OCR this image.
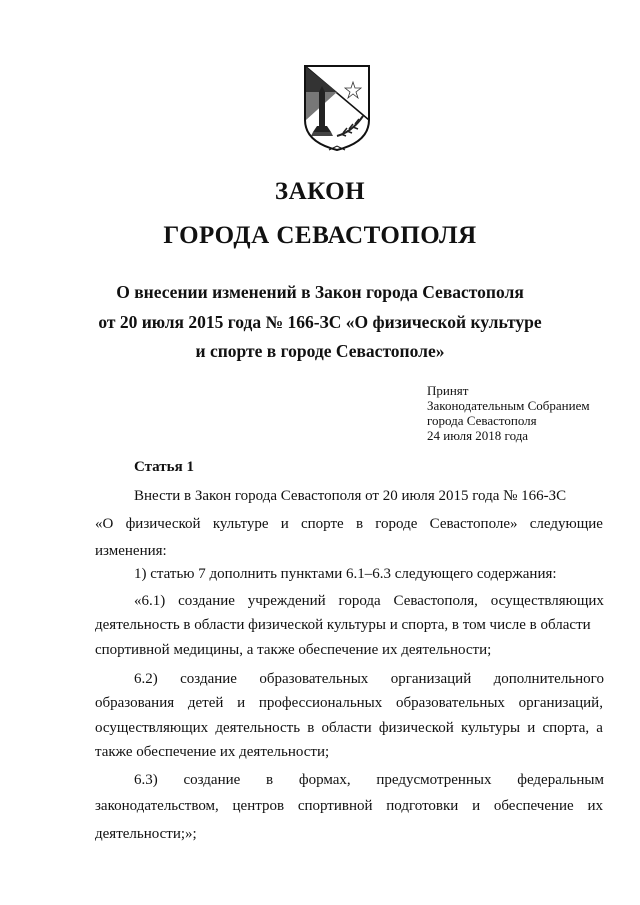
ЗАКОН
ГОРОДА СЕВАСТОПОЛЯ
О внесении изменений в Закон города Севастополя
от 20 июля 2015 года № 166-ЗС «О физической культуре
и спорте в городе Севастополе»
Принят
Законодательным Собранием
города Севастополя
24 июля 2018 года
Статья 1
Внести в Закон города Севастополя от 20 июля 2015 года № 166-ЗС
«О физической культуре и спорте в городе Севастополе» следующие
изменения:
1) статью 7 дополнить пунктами 6.1–6.3 следующего содержания:
«6.1) создание учреждений города Севастополя, осуществляющих
деятельность в области физической культуры и спорта, в том числе в области
спортивной медицины, а также обеспечение их деятельности;
6.2) создание образовательных организаций дополнительного
образования детей и профессиональных образовательных организаций,
осуществляющих деятельность в области физической культуры и спорта, а
также обеспечение их деятельности;
6.3) создание в формах, предусмотренных федеральным
законодательством, центров спортивной подготовки и обеспечение их
деятельности;»;
